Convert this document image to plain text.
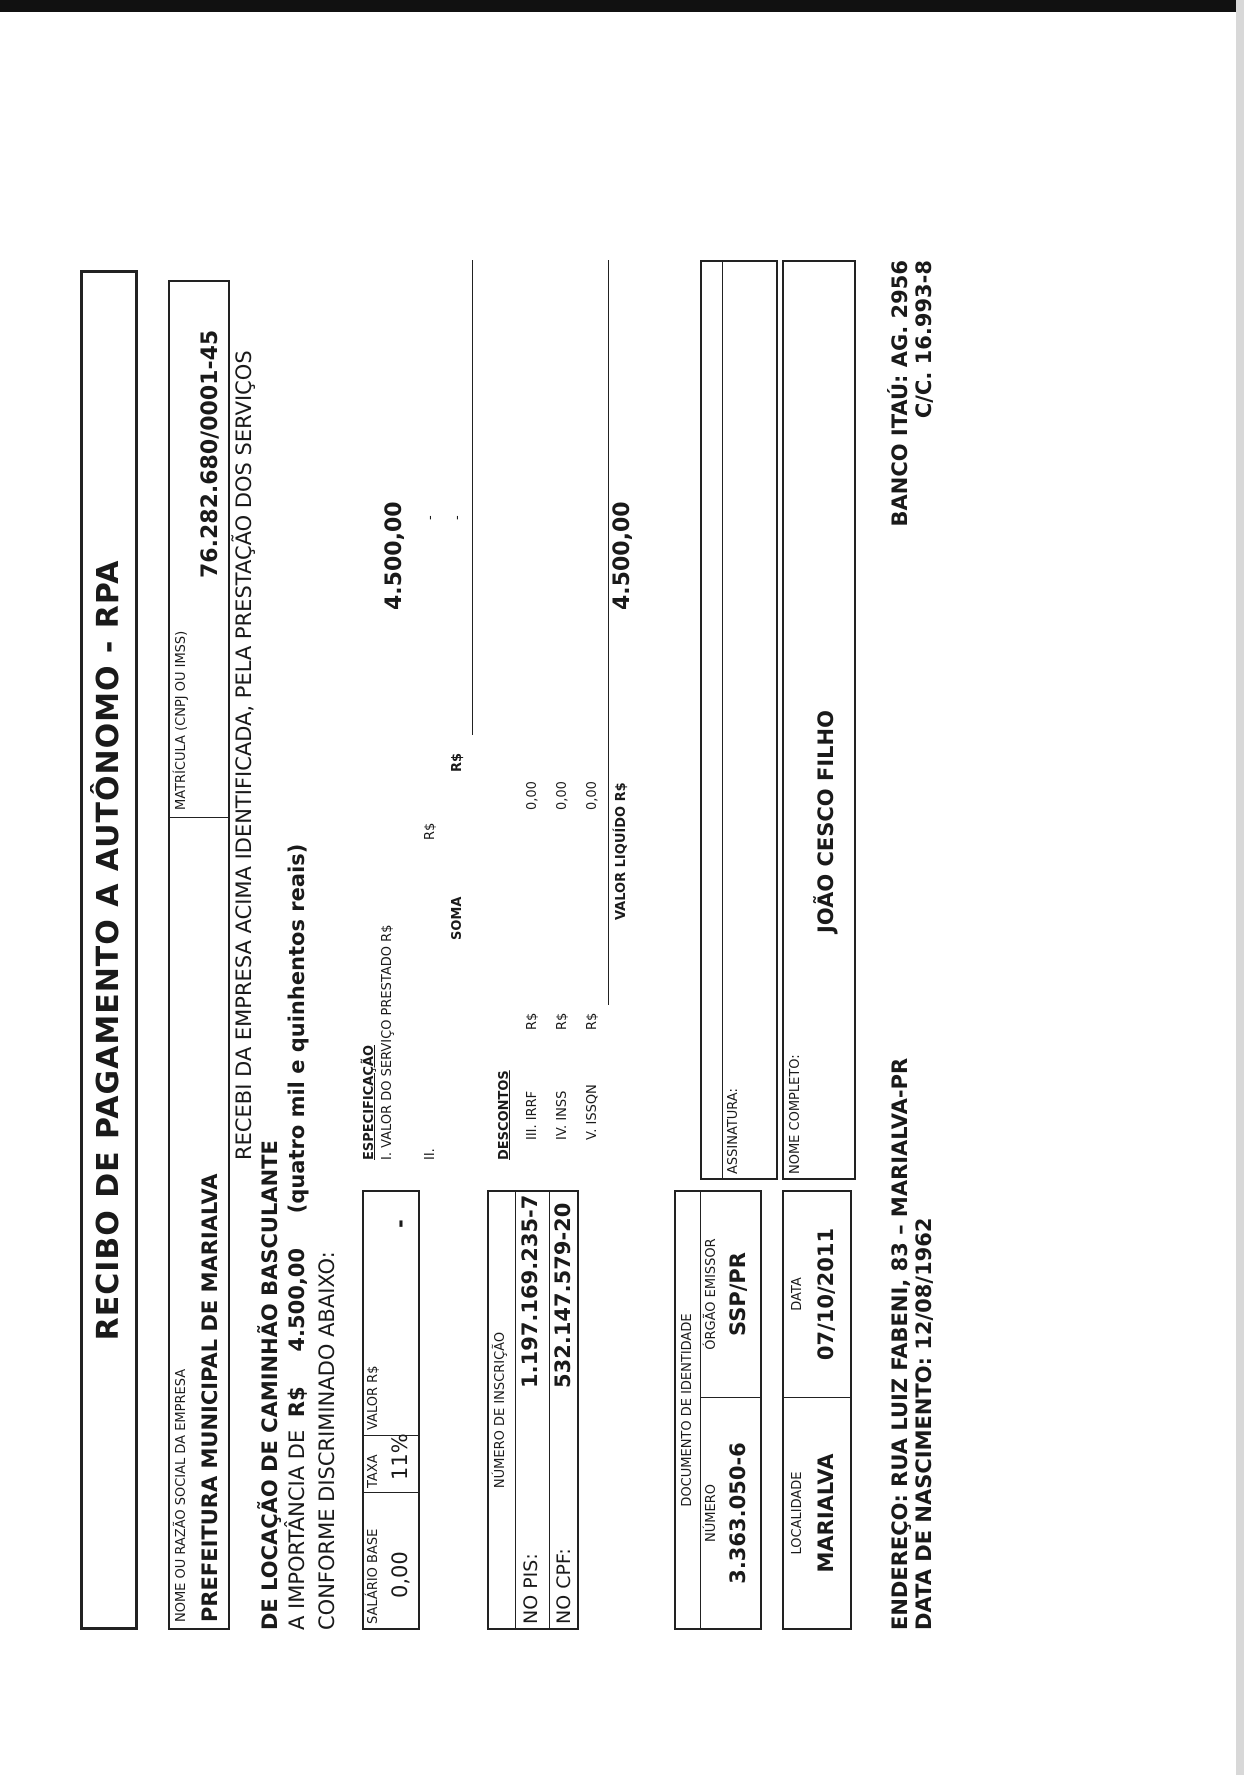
RECIBO DE PAGAMENTO A AUTÔNOMO - RPA
NOME OU RAZÃO SOCIAL DA EMPRESA PREFEITURA MUNICIPAL DE MARIALVA
MATRÍCULA (CNPJ OU IMSS)
76.282.680/0001-45 RECEBI DA EMPRESA ACIMA IDENTIFICADA, PELA PRESTAÇÃO DOS SERVIÇOS
DE LOCAÇÃO DE CAMINHÃO BASCULANTE A IMPORTÂNCIA DE R$ 4.500,00 (quatro mil e quinhentos reais)
CONFORME DISCRIMINADO ABAIXO: SALÁRIO BASE 0,00
TAXA 11%
VALOR R$
-
ESPECIFICAÇÃO I. VALOR DO SERVIÇO PRESTADO R$
4.500,00
II.
R$
-
SOMA
R$
-
NÚMERO DE INSCRIÇÃO
NO PIS:
1.197.169.235-7
NO CPF:
532.147.579-20
DESCONTOS III. IRRF
R$
0,00
IV. INSS
R$
0,00
V. ISSQN
R$
0,00 VALOR LIQUÍDO R$
4.500,00
DOCUMENTO DE IDENTIDADE
NÚMERO 3.363.050-6
ÓRGÃO EMISSOR SSP/PR
ASSINATURA:
LOCALIDADE MARIALVA
DATA 07/10/2011
NOME COMPLETO:
JOÃO CESCO FILHO
ENDEREÇO: RUA LUIZ FABENI, 83 – MARIALVA-PR DATA DE NASCIMENTO: 12/08/1962
BANCO ITAÚ: AG. 2956 C/C. 16.993-8
